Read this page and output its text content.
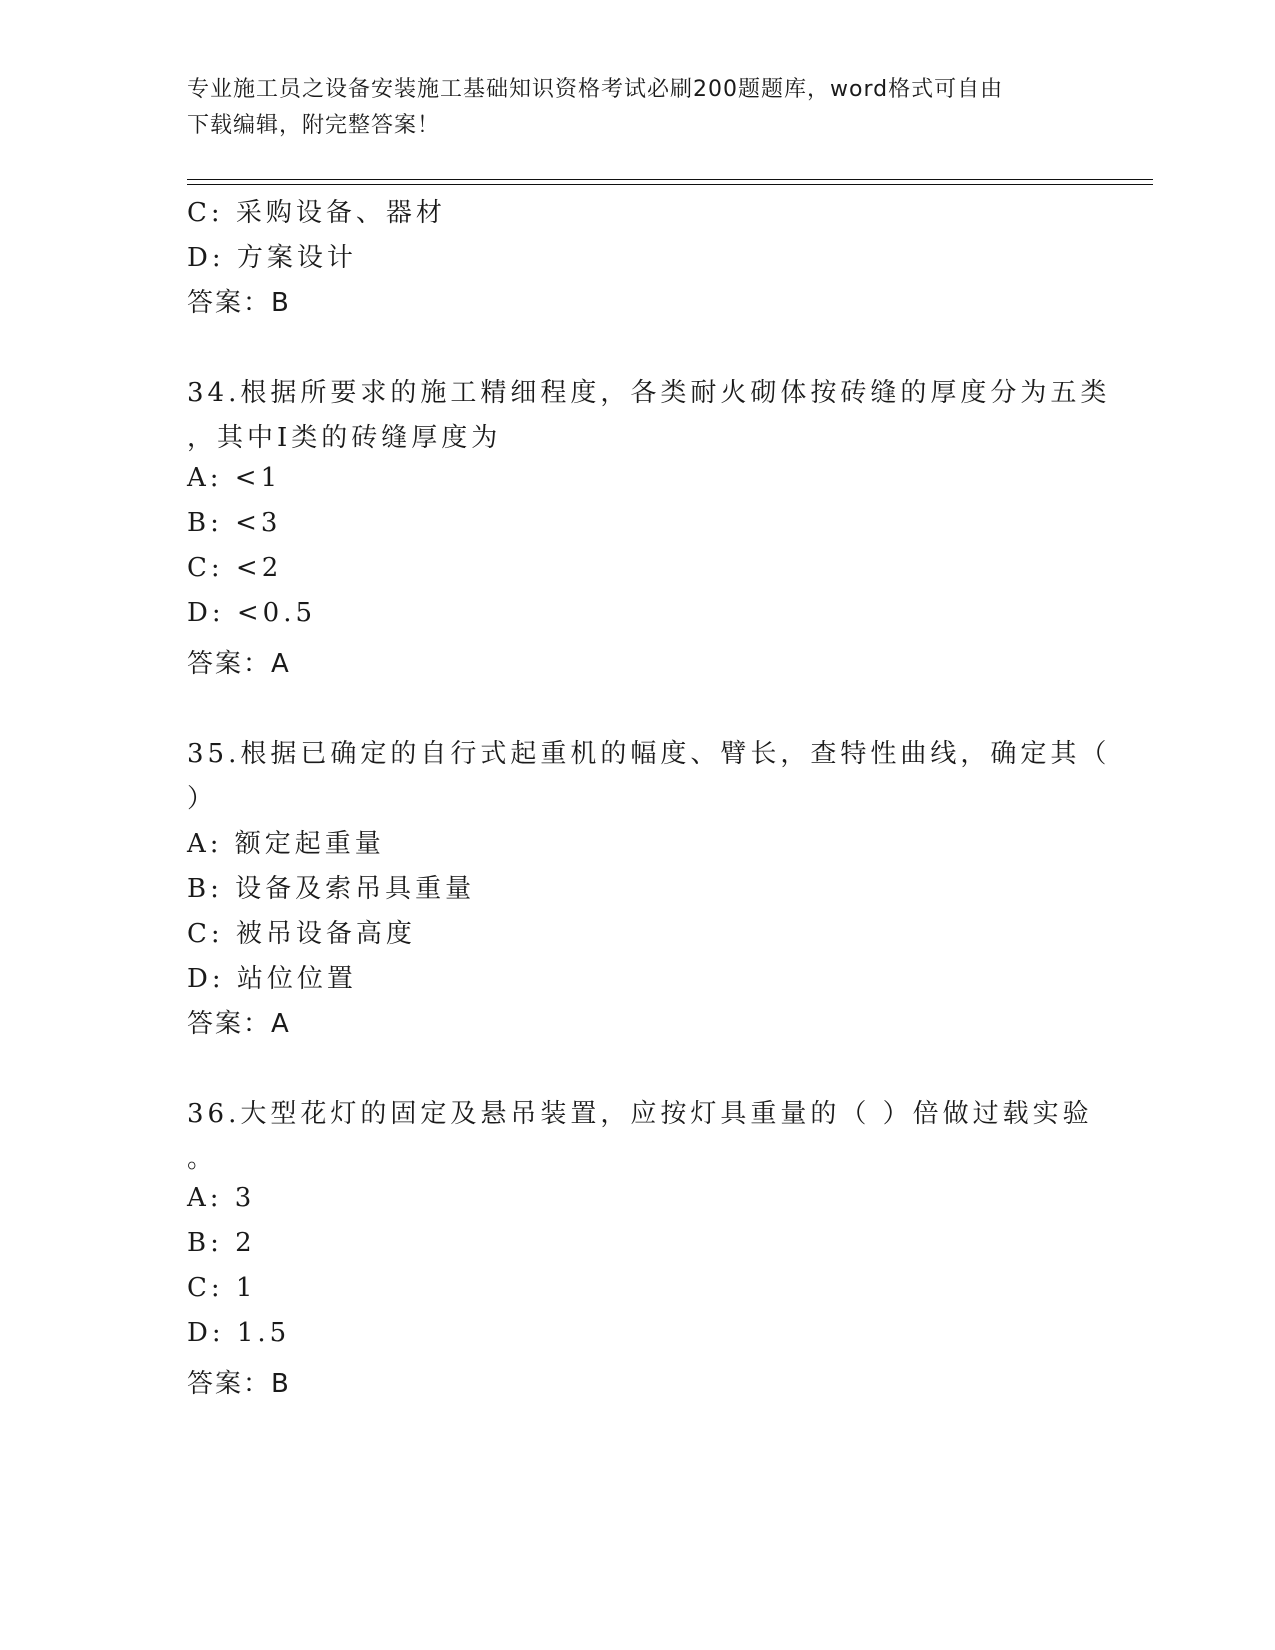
专业施工员之设备安装施工基础知识资格考试必刷200题题库，word格式可自由
下载编辑，附完整答案！
C: 采购设备、器材
D: 方案设计
答案：B
34.根据所要求的施工精细程度，各类耐火砌体按砖缝的厚度分为五类
，其中Ⅰ类的砖缝厚度为
A: <1
B: <3
C: <2
D: <0.5
答案：A
35.根据已确定的自行式起重机的幅度、臂长，查特性曲线，确定其（
）
A: 额定起重量
B: 设备及索吊具重量
C: 被吊设备高度
D: 站位位置
答案：A
36.大型花灯的固定及悬吊装置，应按灯具重量的（ ）倍做过载实验
。
A: 3
B: 2
C: 1
D: 1.5
答案：B
